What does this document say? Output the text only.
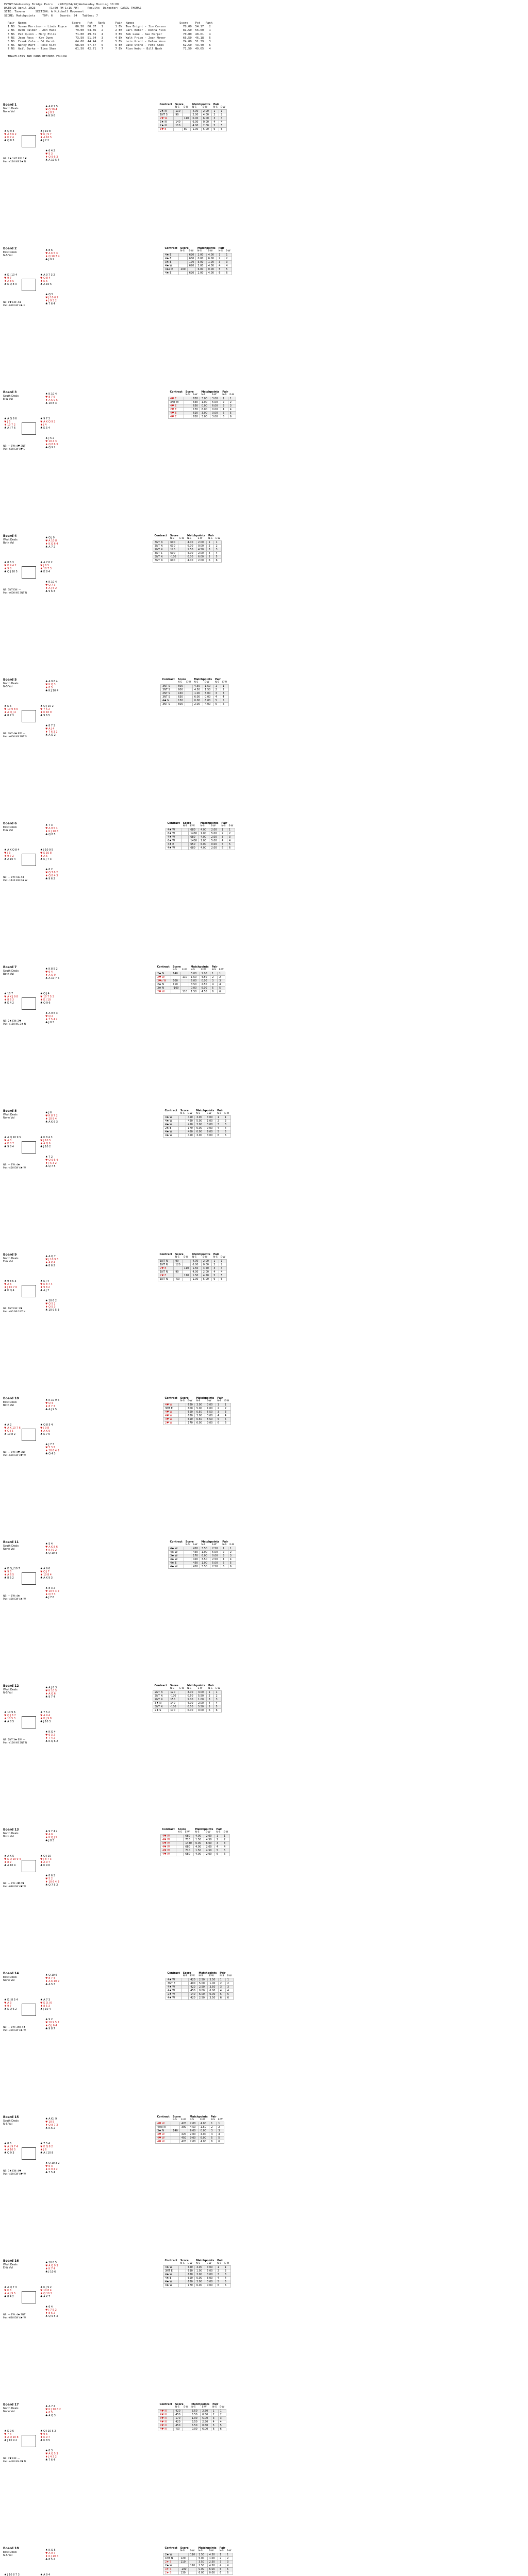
EVENT:Wednesday Bridge Pairs   (2023/04/26)Wednesday Morning 10:00
DATE:26 April 2023        [1:00 PM-1:15 AM]     Results  Director: CAROL THOMAS
SITE: Tavern      SECTION: A Mitchell Movement
SCORE: Matchpoints    TOP: 6    Boards: 24   Tables: 7
Pair  Names                          Score    Pct   Rank      Pair  Names                          Score    Pct   Rank
1 NS  Susan Morrison - Linda Royce     86.50  60.07   1       1 EW  Tom Bright - Jim Carson          78.00  54.17   2
2 NS  Ruth Palmer - Ann Hale           79.00  54.86   2       2 EW  Carl Weber - Donna Fisk          81.50  56.60   1
3 NS  Pat Quinn - Mary Ellis           71.00  49.31   4       3 EW  Bob Lane - Sue Harper            70.00  48.61   4
4 NS  Jean Ross - Kay Dunn             73.50  51.04   3       4 EW  Walt Price - Joan Meyer          66.50  46.18   5
5 NS  Frank Cole - Ed Marsh            64.00  44.44   6       5 EW  Lois Grant - Helen Voss          74.00  51.39   3
6 NS  Nancy Hart - Rose Kirk           68.50  47.57   5       6 EW  Dave Stone - Pete Ames           62.50  43.40   6
7 NS  Gail Burke - Tina Shaw           61.50  42.71   7       7 EW  Alan Webb - Bill Nash            71.50  49.65   4
TRAVELLERS AND HAND RECORDS FOLLOW
Board 1
North Deals
None Vul
♠ A K 7 5
♥ Q 10 4
♦ J 8 2
♣ K 9 6
♠ Q 9 3
♥ A 8 6 2
♦ K 7 4
♣ Q 8 3
♠ J 10 8
♥ K J 9 7
♦ A 10 5
♣ J 7 2
♠ 6 4 2
♥ 5 3
♦ Q 9 6 3
♣ A 10 5 4
NS: 2♠ 1NT EW: 1♥
Par: +110 NS 2♠ N
Contract	Score		Matchpoints		Pair	
	N-S	E-W	N-S	E-W	N-S	E-W
2♠ N	110		4.00	2.00	1	1
1NT S	90		2.00	4.00	2	2
2♥ W		110	0.00	6.00	3	3
3♠ N	140		6.00	0.00	4	4
2♠ N	110		4.00	2.00	5	5
1♥ E		80	1.00	5.00	6	6
Board 2
East Deals
N-S Vul
♠ 8 6
♥ A K 5 3
♦ Q 10 7 4
♣ J 9 2
♠ K J 10 4
♥ 9 7
♦ A 8 5
♣ K Q 8 3
♠ A 9 7 3 2
♥ Q 8 4
♦ K 6
♣ A 10 5
♠ Q 5
♥ J 10 6 2
♦ J 9 3 2
♣ 7 6 4
NS: 1♥ EW: 4♠
Par: -620 EW 4♠ E
Contract	Score		Matchpoints		Pair	
	N-S	E-W	N-S	E-W	N-S	E-W
4♠ E		620	2.00	4.00	1	1
4♠ E		650	0.00	6.00	2	2
3♠ E		170	5.00	1.00	3	3
4♠ W		620	2.00	4.00	4	4
4♠x E	200		6.00	0.00	5	5
4♠ E		620	2.00	4.00	6	6
Board 3
South Deals
E-W Vul
♠ K 10 4
♥ 8 7 6
♦ A K 9 5
♣ 10 8 3
♠ A Q 8 6
♥ J 5
♦ 10 7 2
♣ A J 7 6
♠ 9 7 3
♥ A K Q 9 2
♦ J 4
♣ K 5 4
♠ J 5 2
♥ 10 4 3
♦ Q 8 6 3
♣ Q 9 2
NS: — EW: 4♥ 3NT
Par: -620 EW 4♥ E
Contract	Score		Matchpoints		Pair	
	N-S	E-W	N-S	E-W	N-S	E-W
4♥ E		620	3.00	3.00	1	1
3NT W		630	1.00	5.00	2	2
4♥ E		650	0.00	6.00	3	3
2♥ E		170	6.00	0.00	4	4
4♥ E		620	3.00	3.00	5	5
4♥ E		620	3.00	3.00	6	6
Board 4
West Deals
Both Vul
♠ Q J 9
♥ A 10 8
♦ K Q 6 4
♣ A 7 2
♠ 8 5 3
♥ K 9 4 2
♦ 9 8
♣ Q J 10 5
♠ A 7 6 2
♥ J 6 5
♦ 10 7 3
♣ K 8 4
♠ K 10 4
♥ Q 7 3
♦ A J 5 2
♣ 9 6 3
NS: 3NT EW: —
Par: +600 NS 3NT N
Contract	Score		Matchpoints		Pair	
	N-S	E-W	N-S	E-W	N-S	E-W
3NT N	600		4.00	2.00	1	1
3NT N	630		6.00	0.00	2	2
2NT N	120		1.50	4.50	3	3
3NT S	600		4.00	2.00	4	4
3NT N	-100		0.00	6.00	5	5
3NT N	600		4.00	2.00	6	6
Board 5
North Deals
N-S Vul
♠ A 9 6 4
♥ K Q 3
♦ 8 5
♣ K J 10 4
♠ K 5
♥ 10 9 8 6
♦ A Q J 4
♣ 8 7 3
♠ Q J 10 2
♥ 7 5 2
♦ K 10 9
♣ 9 6 5
♠ 8 7 3
♥ A J 4
♦ 7 6 3 2
♣ A Q 2
NS: 3NT 4♣ EW: —
Par: +600 NS 3NT S
Contract	Score		Matchpoints		Pair	
	N-S	E-W	N-S	E-W	N-S	E-W
3NT S	600		4.50	1.50	1	1
3NT S	600		4.50	1.50	2	2
2NT S	150		1.00	5.00	3	3
3NT S	630		6.00	0.00	4	4
4♣ N	130		0.00	6.00	5	5
3NT S	600		2.00	4.00	6	6
Board 6
East Deals
E-W Vul
♠ 7 3
♥ A 9 5 4
♦ K J 10 6
♣ Q 8 5
♠ A K Q 8 4
♥ J 3
♦ 9 7 2
♣ A 10 4
♠ J 10 9 5
♥ K 10 8
♦ A 5
♣ K J 7 3
♠ 6 2
♥ Q 7 6 2
♦ Q 8 4 3
♣ 9 6 2
NS: — EW: 6♠ 4♠
Par: -1430 EW 6♠ W
Contract	Score		Matchpoints		Pair	
	N-S	E-W	N-S	E-W	N-S	E-W
4♠ W		680	4.00	2.00	1	1
6♠ W		1430	1.00	5.00	2	2
4♠ W		680	4.00	2.00	3	3
6♠ W		1430	1.00	5.00	4	4
4♠ E		650	6.00	0.00	5	5
4♠ W		680	4.00	2.00	6	6
Board 7
South Deals
Both Vul
♠ K 8 5 2
♥ 6 4
♦ A Q 9
♣ A 10 7 5
♠ 10 7
♥ A K J 9 8
♦ 8 6 3
♣ K 4 2
♠ Q J 4
♥ 10 7 5 3
♦ K J 10
♣ Q 9 6
♠ A 9 6 3
♥ Q 2
♦ 7 5 4 2
♣ J 8 3
NS: 2♠ EW: 2♥
Par: +110 NS 2♠ N
Contract	Score		Matchpoints		Pair	
	N-S	E-W	N-S	E-W	N-S	E-W
2♠ N	140		5.00	1.00	1	1
2♥ W		110	1.50	4.50	2	2
3♥x W	500		6.00	0.00	3	3
2♠ N	110		3.50	2.50	4	4
3♠ N	-100		0.00	6.00	5	5
2♥ W		110	1.50	4.50	6	6
Board 8
West Deals
None Vul
♠ J 6
♥ K 8 7 2
♦ 10 9 4
♣ A K 6 3
♠ A Q 10 9 5
♥ A 3
♦ K 8 7
♣ 9 8 4
♠ K 8 4 3
♥ J 10 5
♦ A Q 6
♣ J 10 2
♠ 7 2
♥ Q 9 6 4
♦ J 5 3 2
♣ Q 7 5
NS: — EW: 4♠
Par: -450 EW 4♠ W
Contract	Score		Matchpoints		Pair	
	N-S	E-W	N-S	E-W	N-S	E-W
4♠ W		450	3.00	3.00	1	1
4♠ W		420	5.00	1.00	2	2
4♠ W		450	3.00	3.00	3	3
2♠ E		170	6.00	0.00	4	4
4♠ W		480	0.00	6.00	5	5
4♠ W		450	3.00	3.00	6	6
Board 9
North Deals
E-W Vul
♠ A Q 7
♥ J 10 9 3
♦ A K 4
♣ 8 6 2
♠ 9 8 5 3
♥ A 6
♦ J 10 7 6
♣ K Q 4
♠ K J 4
♥ K 8 7 4
♦ 9 8 2
♣ A J 7
♠ 10 6 2
♥ Q 5 2
♦ Q 5 3
♣ 10 9 5 3
NS: 1NT EW: 2♥
Par: +90 NS 1NT N
Contract	Score		Matchpoints		Pair	
	N-S	E-W	N-S	E-W	N-S	E-W
1NT N	90		4.00	2.00	1	1
1NT N	120		6.00	0.00	2	2
2♥ E		110	1.50	4.50	3	3
1NT N	90		4.00	2.00	4	4
2♥ E		110	1.50	4.50	5	5
1NT N	-50		1.00	5.00	6	6
Board 10
East Deals
Both Vul
♠ K 10 9 6
♥ Q 4
♦ 8 7 3
♣ A J 9 5
♠ A 2
♥ A K 10 7 6
♦ Q J 5
♣ 10 8 2
♠ Q 8 5 4
♥ J 9 8
♦ A K 9
♣ K 7 6
♠ J 7 3
♥ 5 3 2
♦ 10 6 4 2
♣ Q 4 3
NS: — EW: 4♥ 3NT
Par: -620 EW 4♥ W
Contract	Score		Matchpoints		Pair	
	N-S	E-W	N-S	E-W	N-S	E-W
4♥ W		620	3.00	3.00	1	1
3NT E		600	5.00	1.00	2	2
4♥ W		650	0.50	5.50	3	3
4♥ W		620	3.00	3.00	4	4
4♥ W		650	0.50	5.50	5	5
2♥ W		170	6.00	0.00	6	6
Board 11
South Deals
None Vul
♠ 5 4
♥ A K 8 6
♦ K J 9 2
♣ Q 10 4
♠ K Q J 10 7
♥ 9 3
♦ A 6 5
♣ 8 5 2
♠ A 9 6
♥ Q J 7
♦ 10 8 4
♣ A K 9 3
♠ 8 3 2
♥ 10 5 4 2
♦ Q 7 3
♣ J 7 6
NS: — EW: 4♠
Par: -420 EW 4♠ W
Contract	Score		Matchpoints		Pair	
	N-S	E-W	N-S	E-W	N-S	E-W
4♠ W		420	3.50	2.50	1	1
4♠ W		450	1.00	5.00	2	2
3♠ W		170	6.00	0.00	3	3
4♠ W		420	3.50	2.50	4	4
4♠ E		450	1.00	5.00	5	5
4♠ W		420	3.50	2.50	6	6
Board 12
West Deals
N-S Vul
♠ A J 8 3
♥ K 10 5
♦ A Q 6
♣ 9 7 4
♠ 10 9 6
♥ Q J 8 7
♦ 10 5 3
♣ A 8 5
♠ 7 5 2
♥ A 9 4
♦ K J 9 8
♣ J 10 3
♠ K Q 4
♥ 6 3 2
♦ 7 4 2
♣ K Q 6 2
NS: 2NT 3♠ EW: —
Par: +120 NS 2NT N
Contract	Score		Matchpoints		Pair	
	N-S	E-W	N-S	E-W	N-S	E-W
2NT N	120		3.00	3.00	1	1
3NT N	-100		0.50	5.50	2	2
2NT N	150		5.00	1.00	3	3
3♠ N	140		4.00	2.00	4	4
3NT N	-100		0.50	5.50	5	5
2♠ S	170		6.00	0.00	6	6
Board 13
North Deals
Both Vul
♠ 9 7 4 2
♥ A 6
♦ K Q J 5
♣ J 8 3
♠ A K 5
♥ K Q 10 9 4
♦ 8 2
♣ A 10 4
♠ Q J 10
♥ J 8 7 3
♦ A 9 7
♣ K 9 6
♠ 8 6 3
♥ 5 2
♦ 10 6 4 3
♣ Q 7 5 2
NS: — EW: 4♥ 6♥
Par: -680 EW 4♥ W
Contract	Score		Matchpoints		Pair	
	N-S	E-W	N-S	E-W	N-S	E-W
4♥ W		680	4.00	2.00	1	1
4♥ W		710	1.50	4.50	2	2
6♥ W		1430	0.00	6.00	3	3
4♥ W		680	4.00	2.00	4	4
4♥ W		710	1.50	4.50	5	5
4♥ W		680	4.00	2.00	6	6
Board 14
East Deals
None Vul
♠ Q 10 6
♥ 8 7 4
♦ A K 10 2
♣ A 5 3
♠ K J 8 5 4
♥ A 3
♦ 9 7
♣ K Q 6 2
♠ A 7 3
♥ K Q J 6
♦ 8 5 3
♣ J 10 4
♠ 9 2
♥ 10 9 5 2
♦ Q J 6 4
♣ 9 8 7
NS: — EW: 3NT 4♠
Par: -420 EW 4♠ W
Contract	Score		Matchpoints		Pair	
	N-S	E-W	N-S	E-W	N-S	E-W
4♠ W		420	2.50	3.50	1	1
3NT E		400	5.00	1.00	2	2
4♠ W		420	2.50	3.50	3	3
4♠ W		450	0.00	6.00	4	4
2♠ W		140	6.00	0.00	5	5
4♠ W		420	2.50	3.50	6	6
Board 15
South Deals
N-S Vul
♠ A K J 9
♥ 10 5
♦ Q 8 7 3
♣ K 6 2
♠ 8 6
♥ A J 9 7 4
♦ A 10 5
♣ Q 9 3
♠ 7 5 4
♥ K Q 8 2
♦ J 6
♣ A J 10 8
♠ Q 10 3 2
♥ 6 3
♦ K 9 4 2
♣ 7 5 4
NS: 3♠ EW: 4♥
Par: -420 EW 4♥ W
Contract	Score		Matchpoints		Pair	
	N-S	E-W	N-S	E-W	N-S	E-W
4♥ W		420	2.00	4.00	1	1
4♠x N		300	4.50	1.50	2	2
3♠ N	140		6.00	0.00	3	3
4♥ W		420	2.00	4.00	4	4
4♥ W		450	0.00	6.00	5	5
4♥ W		420	2.00	4.00	6	6
Board 16
West Deals
E-W Vul
♠ 10 8 5
♥ A Q 9 3
♦ K 7 4
♣ J 10 6
♠ A Q 7 3
♥ K 6
♦ A J 9 5
♣ 8 4 2
♠ K J 9 2
♥ 10 8 4
♦ Q 10 3
♣ A K 7
♠ 6 4
♥ J 7 5 2
♦ 8 6 2
♣ Q 9 5 3
NS: — EW: 4♠ 3NT
Par: -620 EW 4♠ W
Contract	Score		Matchpoints		Pair	
	N-S	E-W	N-S	E-W	N-S	E-W
4♠ W		620	3.00	3.00	1	1
3NT E		630	1.00	5.00	2	2
4♠ W		620	3.00	3.00	3	3
4♠ E		650	0.00	6.00	4	4
4♠ W		620	3.00	3.00	5	5
3♠ W		170	6.00	0.00	6	6
Board 17
North Deals
None Vul
♠ A 7 4
♥ K J 10 8 2
♦ 6 5
♣ A Q 3
♠ K 9 6
♥ 7 4
♦ A Q 10 8
♣ J 10 9 2
♠ Q J 10 5 2
♥ 9 6
♦ K 9 7
♣ K 8 5
♠ 8 3
♥ A Q 5 3
♦ J 4 3 2
♣ 7 6 4
NS: 4♥ EW: —
Par: +420 NS 4♥ N
Contract	Score		Matchpoints		Pair	
	N-S	E-W	N-S	E-W	N-S	E-W
4♥ N	420		3.50	2.50	1	1
4♥ N	450		5.50	0.50	2	2
3♥ N	170		1.00	5.00	3	3
4♥ N	420		3.50	2.50	4	4
4♥ N	450		5.50	0.50	5	5
4♥ N	-50		0.00	6.00	6	6
Board 18
East Deals
N-S Vul
♠ K Q 5
♥ A 9 7
♦ K J 10 4
♣ 8 5 2
♠ J 10 8 7 3	♠ A 9 4
Contract	Score		Matchpoints		Pair	
	N-S	E-W	N-S	E-W	N-S	E-W
2♠ W		110	1.50	4.50	1	1
1NT N	120		5.00	1.00	2	2
2♦ S	110		3.50	2.50	3	3
2♠ W		110	1.50	4.50	4	4
3♦ S	-100		0.00	6.00	5	5
2♦ S	130		6.00	0.00	6	6
